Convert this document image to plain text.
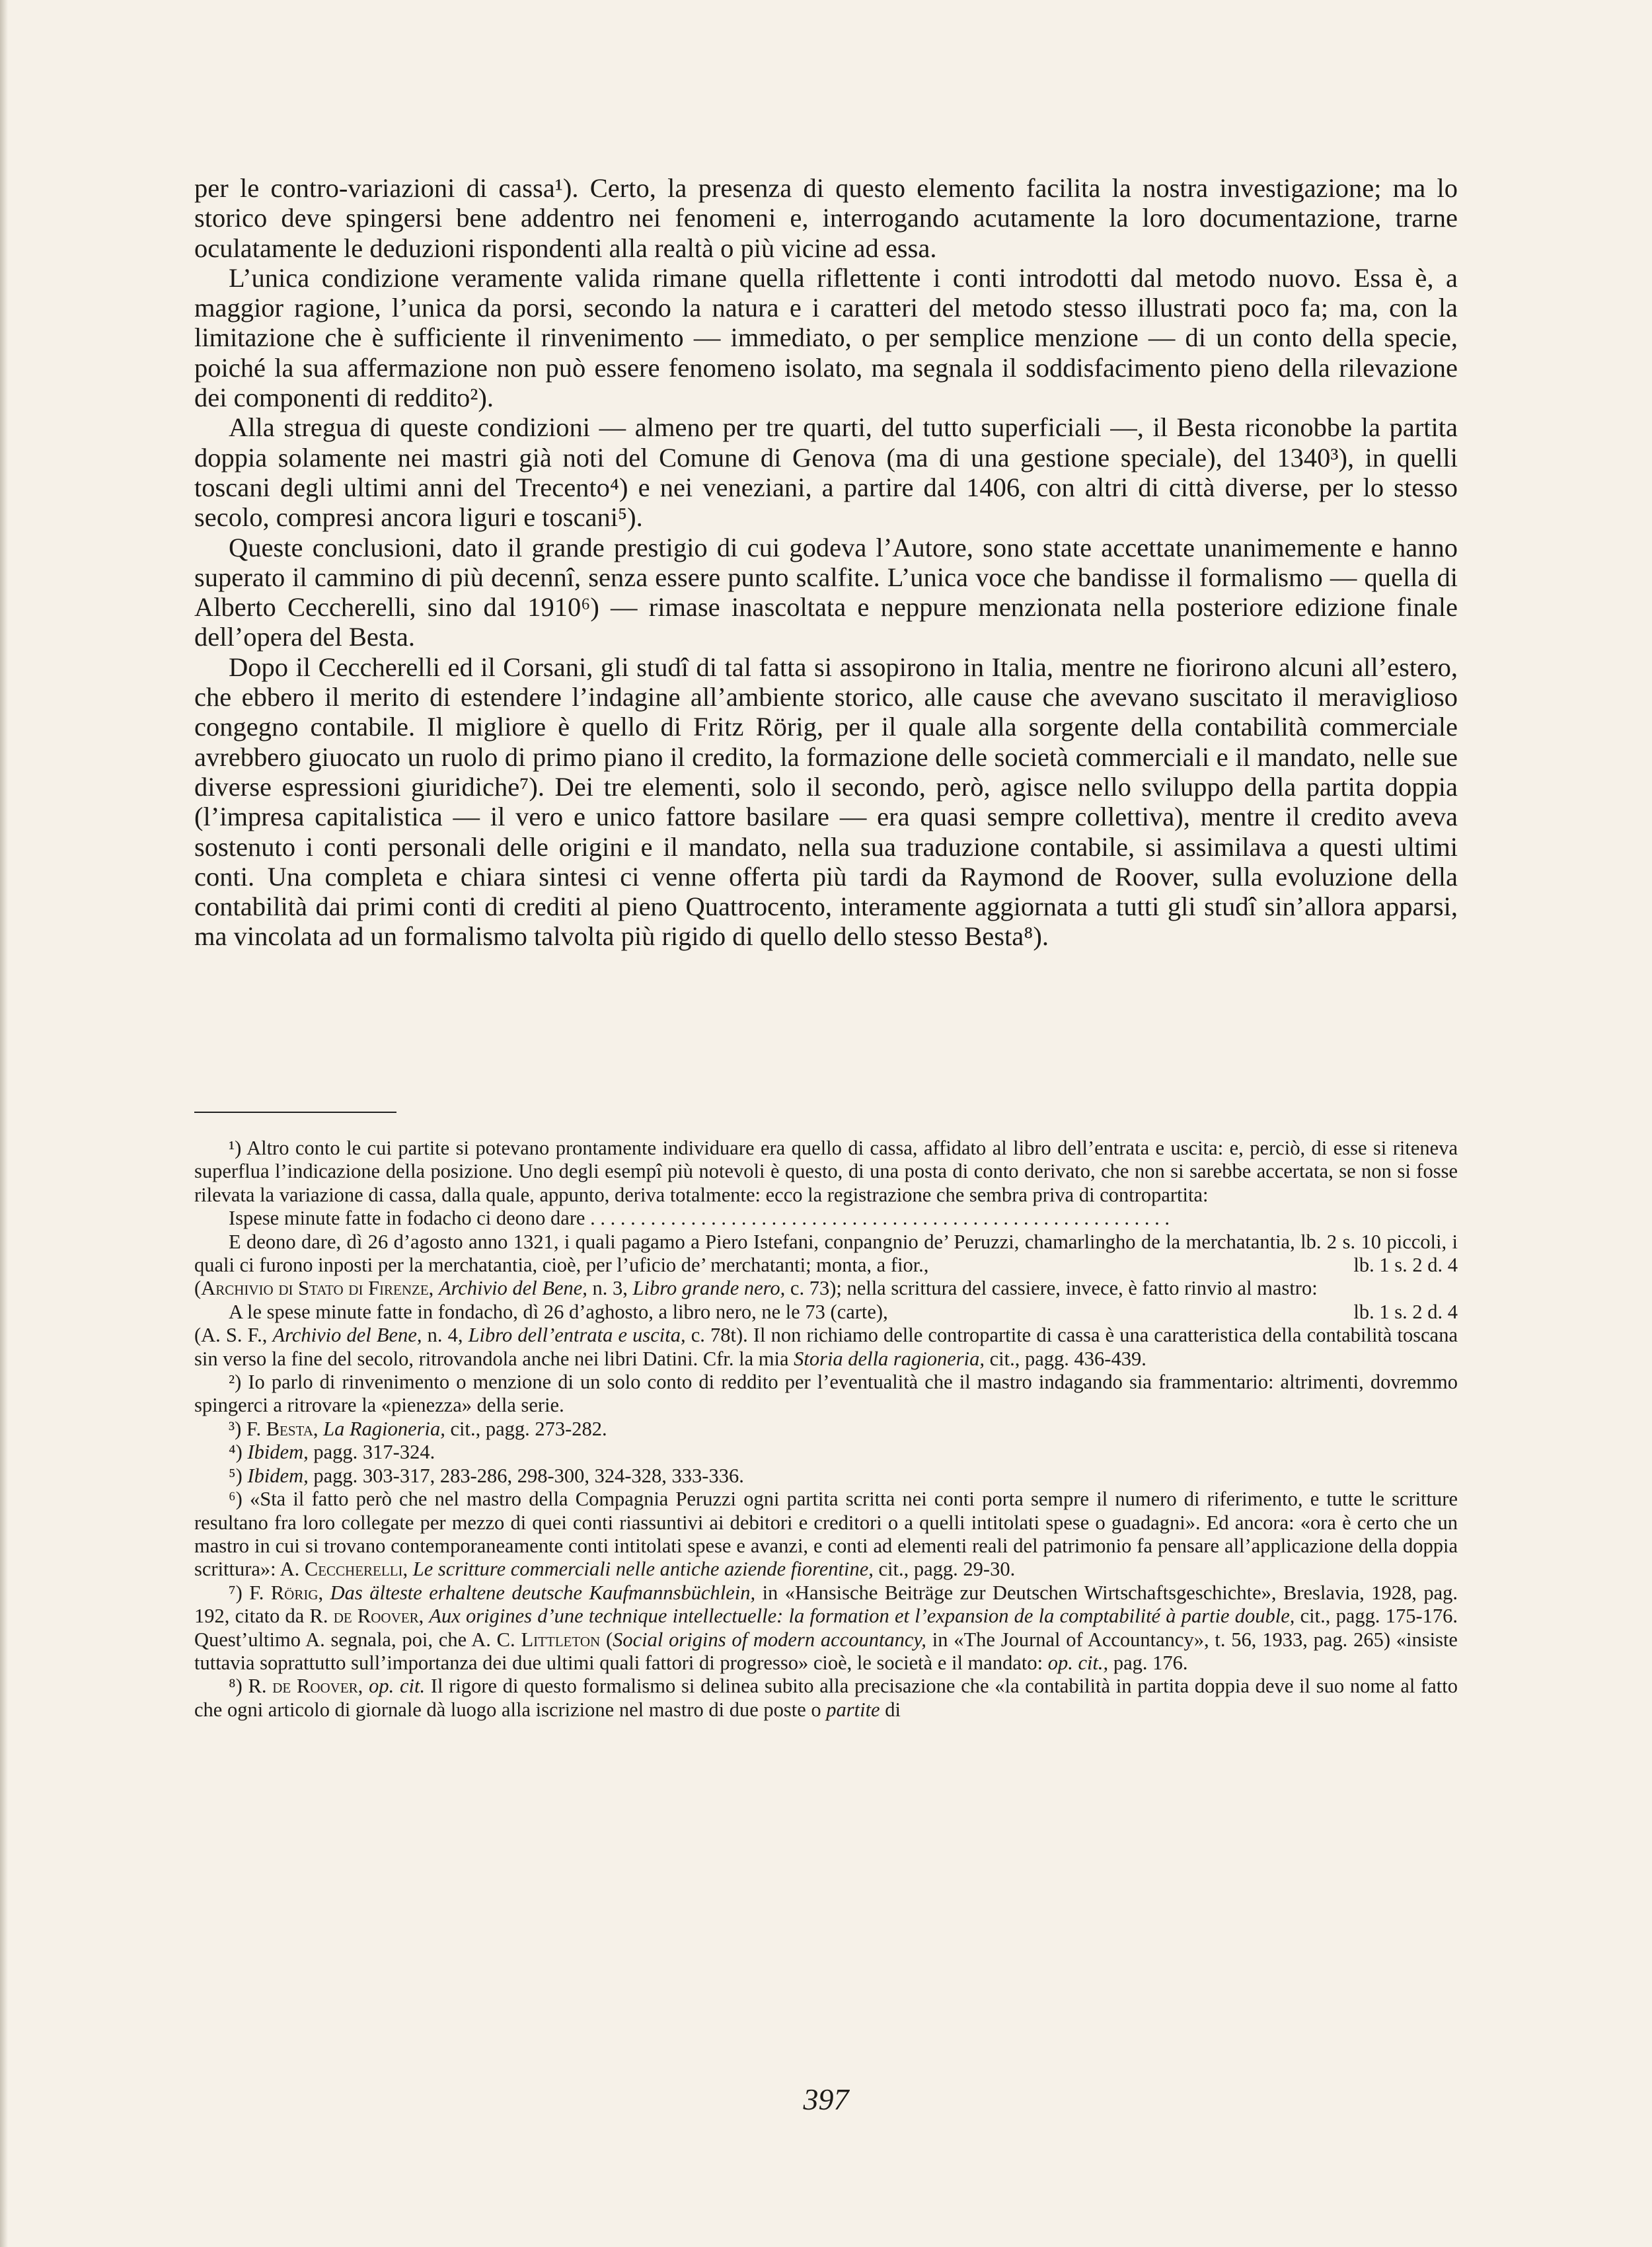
per le contro-variazioni di cassa¹). Certo, la presenza di questo elemento facilita la nostra investigazione; ma lo storico deve spingersi bene addentro nei fenomeni e, interrogando acutamente la loro documentazione, trarne oculatamente le deduzioni rispondenti alla realtà o più vicine ad essa.

L’unica condizione veramente valida rimane quella riflettente i conti introdotti dal metodo nuovo. Essa è, a maggior ragione, l’unica da porsi, secondo la natura e i caratteri del metodo stesso illustrati poco fa; ma, con la limitazione che è sufficiente il rinvenimento — immediato, o per semplice menzione — di un conto della specie, poiché la sua affermazione non può essere fenomeno isolato, ma segnala il soddisfacimento pieno della rilevazione dei componenti di reddito²).

Alla stregua di queste condizioni — almeno per tre quarti, del tutto superficiali —, il Besta riconobbe la partita doppia solamente nei mastri già noti del Comune di Genova (ma di una gestione speciale), del 1340³), in quelli toscani degli ultimi anni del Trecento⁴) e nei veneziani, a partire dal 1406, con altri di città diverse, per lo stesso secolo, compresi ancora liguri e toscani⁵).

Queste conclusioni, dato il grande prestigio di cui godeva l’Autore, sono state accettate unanimemente e hanno superato il cammino di più decennî, senza essere punto scalfite. L’unica voce che bandisse il formalismo — quella di Alberto Ceccherelli, sino dal 1910⁶) — rimase inascoltata e neppure menzionata nella posteriore edizione finale dell’opera del Besta.

Dopo il Ceccherelli ed il Corsani, gli studî di tal fatta si assopirono in Italia, mentre ne fiorirono alcuni all’estero, che ebbero il merito di estendere l’indagine all’ambiente storico, alle cause che avevano suscitato il meraviglioso congegno contabile. Il migliore è quello di Fritz Rörig, per il quale alla sorgente della contabilità commerciale avrebbero giuocato un ruolo di primo piano il credito, la formazione delle società commerciali e il mandato, nelle sue diverse espressioni giuridiche⁷). Dei tre elementi, solo il secondo, però, agisce nello sviluppo della partita doppia (l’impresa capitalistica — il vero e unico fattore basilare — era quasi sempre collettiva), mentre il credito aveva sostenuto i conti personali delle origini e il mandato, nella sua traduzione contabile, si assimilava a questi ultimi conti. Una completa e chiara sintesi ci venne offerta più tardi da Raymond de Roover, sulla evoluzione della contabilità dai primi conti di crediti al pieno Quattrocento, interamente aggiornata a tutti gli studî sin’allora apparsi, ma vincolata ad un formalismo talvolta più rigido di quello dello stesso Besta⁸).

¹) Altro conto le cui partite si potevano prontamente individuare era quello di cassa, affidato al libro dell’entrata e uscita: e, perciò, di esse si riteneva superflua l’indicazione della posizione. Uno degli esempî più notevoli è questo, di una posta di conto derivato, che non si sarebbe accertata, se non si fosse rilevata la variazione di cassa, dalla quale, appunto, deriva totalmente: ecco la registrazione che sembra priva di contropartita:

Ispese minute fatte in fodacho ci deono dare . . . . . . . . . . . . . . . . . . . . . . . . . . . . . . . . . . . . . . . . . . . . . . . . . . . . . . . . . .

E deono dare, dì 26 d’agosto anno 1321, i quali pagamo a Piero Istefani, conpangnio de’ Peruzzi, chamarlingho de la merchatantia, lb. 2 s. 10 piccoli, i quali ci furono inposti per la merchatantia, cioè, per l’uficio de’ merchatanti; monta, a fior.,	lb. 1 s. 2 d. 4

(Archivio di Stato di Firenze, Archivio del Bene, n. 3, Libro grande nero, c. 73); nella scrittura del cassiere, invece, è fatto rinvio al mastro:

A le spese minute fatte in fondacho, dì 26 d’aghosto, a libro nero, ne le 73 (carte),	lb. 1 s. 2 d. 4

(A. S. F., Archivio del Bene, n. 4, Libro dell’entrata e uscita, c. 78t). Il non richiamo delle contropartite di cassa è una caratteristica della contabilità toscana sin verso la fine del secolo, ritrovandola anche nei libri Datini. Cfr. la mia Storia della ragioneria, cit., pagg. 436-439.

²) Io parlo di rinvenimento o menzione di un solo conto di reddito per l’eventualità che il mastro indagando sia frammentario: altrimenti, dovremmo spingerci a ritrovare la «pienezza» della serie.

³) F. Besta, La Ragioneria, cit., pagg. 273-282.

⁴) Ibidem, pagg. 317-324.

⁵) Ibidem, pagg. 303-317, 283-286, 298-300, 324-328, 333-336.

⁶) «Sta il fatto però che nel mastro della Compagnia Peruzzi ogni partita scritta nei conti porta sempre il numero di riferimento, e tutte le scritture resultano fra loro collegate per mezzo di quei conti riassuntivi ai debitori e creditori o a quelli intitolati spese o guadagni». Ed ancora: «ora è certo che un mastro in cui si trovano contemporaneamente conti intitolati spese e avanzi, e conti ad elementi reali del patrimonio fa pensare all’applicazione della doppia scrittura»: A. Ceccherelli, Le scritture commerciali nelle antiche aziende fiorentine, cit., pagg. 29-30.

⁷) F. Rörig, Das älteste erhaltene deutsche Kaufmannsbüchlein, in «Hansische Beiträge zur Deutschen Wirtschaftsgeschichte», Breslavia, 1928, pag. 192, citato da R. de Roover, Aux origines d’une technique intellectuelle: la formation et l’expansion de la comptabilité à partie double, cit., pagg. 175-176. Quest’ultimo A. segnala, poi, che A. C. Littleton (Social origins of modern accountancy, in «The Journal of Accountancy», t. 56, 1933, pag. 265) «insiste tuttavia soprattutto sull’importanza dei due ultimi quali fattori di progresso» cioè, le società e il mandato: op. cit., pag. 176.

⁸) R. de Roover, op. cit. Il rigore di questo formalismo si delinea subito alla precisazione che «la contabilità in partita doppia deve il suo nome al fatto che ogni articolo di giornale dà luogo alla iscrizione nel mastro di due poste o partite di

397
